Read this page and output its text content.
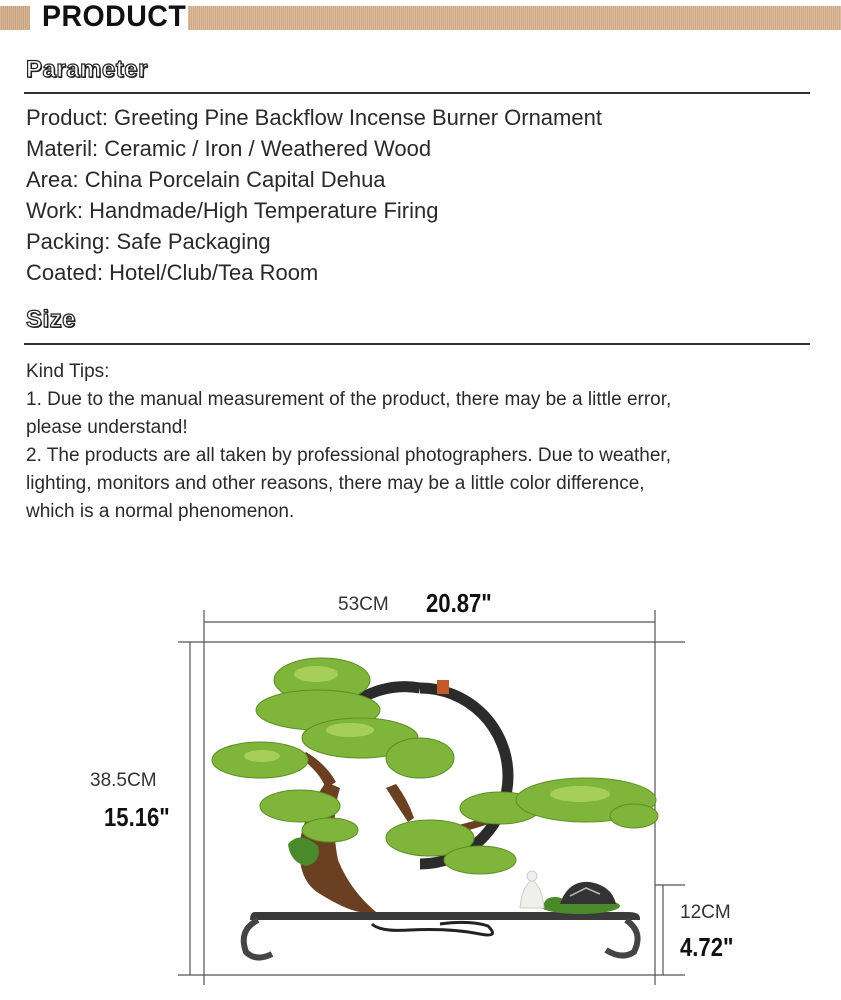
PRODUCT
Parameter
Product: Greeting Pine Backflow Incense Burner Ornament
Materil: Ceramic / Iron / Weathered Wood
Area: China Porcelain Capital Dehua
Work: Handmade/High Temperature Firing
Packing: Safe Packaging
Coated: Hotel/Club/Tea Room
Size
Kind Tips:
1. Due to the manual measurement of the product, there may be a little error,
please understand!
2. The products are all taken by professional photographers. Due to weather,
lighting, monitors and other reasons, there may be a little color difference,
which is a normal phenomenon.
53CM 20.87"
38.5CM
15.16"
12CM
4.72"
